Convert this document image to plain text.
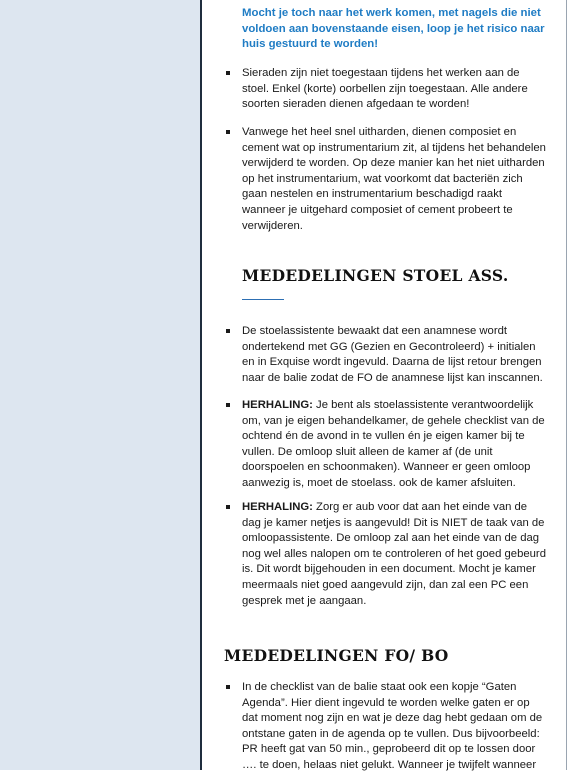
Mocht je toch naar het werk komen, met nagels die niet voldoen aan bovenstaande eisen, loop je het risico naar huis gestuurd te worden!
Sieraden zijn niet toegestaan tijdens het werken aan de stoel. Enkel (korte) oorbellen zijn toegestaan. Alle andere soorten sieraden dienen afgedaan te worden!
Vanwege het heel snel uitharden, dienen composiet en cement wat op instrumentarium zit, al tijdens het behandelen verwijderd te worden. Op deze manier kan het niet uitharden op het instrumentarium, wat voorkomt dat bacteriën zich gaan nestelen en instrumentarium beschadigd raakt wanneer je uitgehard composiet of cement probeert te verwijderen.
MEDEDELINGEN STOEL ASS.
De stoelassistente bewaakt dat een anamnese wordt ondertekend met GG (Gezien en Gecontroleerd) + initialen en in Exquise wordt ingevuld. Daarna de lijst retour brengen naar de balie zodat de FO de anamnese lijst kan inscannen.
HERHALING: Je bent als stoelassistente verantwoordelijk om, van je eigen behandelkamer, de gehele checklist van de ochtend én de avond in te vullen én je eigen kamer bij te vullen. De omloop sluit alleen de kamer af (de unit doorspoelen en schoonmaken). Wanneer er geen omloop aanwezig is, moet de stoelass. ook de kamer afsluiten.
HERHALING: Zorg er aub voor dat aan het einde van de dag je kamer netjes is aangevuld! Dit is NIET de taak van de omloopassistente. De omloop zal aan het einde van de dag nog wel alles nalopen om te controleren of het goed gebeurd is. Dit wordt bijgehouden in een document. Mocht je kamer meermaals niet goed aangevuld zijn, dan zal een PC een gesprek met je aangaan.
MEDEDELINGEN FO/ BO
In de checklist van de balie staat ook een kopje “Gaten Agenda”. Hier dient ingevuld te worden welke gaten er op dat moment nog zijn en wat je deze dag hebt gedaan om de ontstane gaten in de agenda op te vullen. Dus bijvoorbeeld: PR heeft gat van 50 min., geprobeerd dit op te lossen door …. te doen, helaas niet gelukt. Wanneer je twijfelt wanneer
